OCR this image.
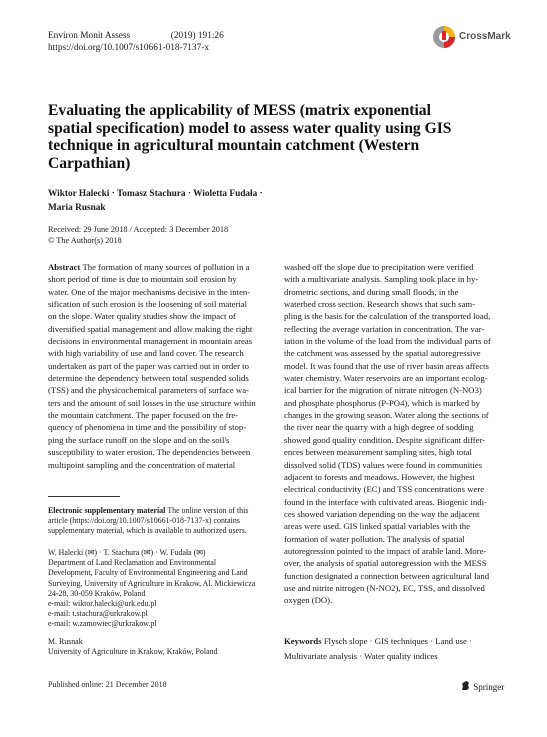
Environ Monit Assess	(2019) 191:26
https://doi.org/10.1007/s10661-018-7137-x
CrossMark
Evaluating the applicability of MESS (matrix exponential
spatial specification) model to assess water quality using GIS
technique in agricultural mountain catchment (Western
Carpathian)
Wiktor Halecki · Tomasz Stachura · Wioletta Fudała ·
Maria Rusnak
Received: 29 June 2018 / Accepted: 3 December 2018
© The Author(s) 2018
Abstract The formation of many sources of pollution in a
short period of time is due to mountain soil erosion by
water. One of the major mechanisms decisive in the inten-
sification of such erosion is the loosening of soil material
on the slope. Water quality studies show the impact of
diversified spatial management and allow making the right
decisions in environmental management in mountain areas
with high variability of use and land cover. The research
undertaken as part of the paper was carried out in order to
determine the dependency between total suspended solids
(TSS) and the physicochemical parameters of surface wa-
ters and the amount of soil losses in the use structure within
the mountain catchment. The paper focused on the fre-
quency of phenomena in time and the possibility of stop-
ping the surface runoff on the slope and on the soil's
susceptibility to water erosion. The dependencies between
multipoint sampling and the concentration of material
washed off the slope due to precipitation were verified
with a multivariate analysis. Sampling took place in hy-
drometric sections, and during small floods, in the
waterbed cross section. Research shows that such sam-
pling is the basis for the calculation of the transported load,
reflecting the average variation in concentration. The var-
iation in the volume of the load from the individual parts of
the catchment was assessed by the spatial autoregressive
model. It was found that the use of river basin areas affects
water chemistry. Water reservoirs are an important ecolog-
ical barrier for the migration of nitrate nitrogen (N-NO3)
and phosphate phosphorus (P-PO4), which is marked by
changes in the growing season. Water along the sections of
the river near the quarry with a high degree of sodding
showed good quality condition. Despite significant differ-
ences between measurement sampling sites, high total
dissolved solid (TDS) values were found in communities
adjacent to forests and meadows. However, the highest
electrical conductivity (EC) and TSS concentrations were
found in the interface with cultivated areas. Biogenic indi-
ces showed variation depending on the way the adjacent
areas were used. GIS linked spatial variables with the
formation of water pollution. The analysis of spatial
autoregression pointed to the impact of arable land. More-
over, the analysis of spatial autoregression with the MESS
function designated a connection between agricultural land
use and nitrite nitrogen (N-NO2), EC, TSS, and dissolved
oxygen (DO).
Electronic supplementary material The online version of this
article (https://doi.org/10.1007/s10661-018-7137-x) contains
supplementary material, which is available to authorized users.
W. Halecki (✉) · T. Stachura (✉) · W. Fudała (✉)
Department of Land Reclamation and Environmental
Development, Faculty of Environmental Engineering and Land
Surveying, University of Agriculture in Krakow, Al. Mickiewicza
24-28, 30-059 Kraków, Poland
e-mail: wiktor.halecki@urk.edu.pl
e-mail: t.stachura@urkrakow.pl
e-mail: w.zamowiec@urkrakow.pl
M. Rusnak
University of Agriculture in Krakow, Kraków, Poland
Keywords Flysch slope · GIS techniques · Land use ·
Multivariate analysis · Water quality indices
Published online: 21 December 2018	Springer
